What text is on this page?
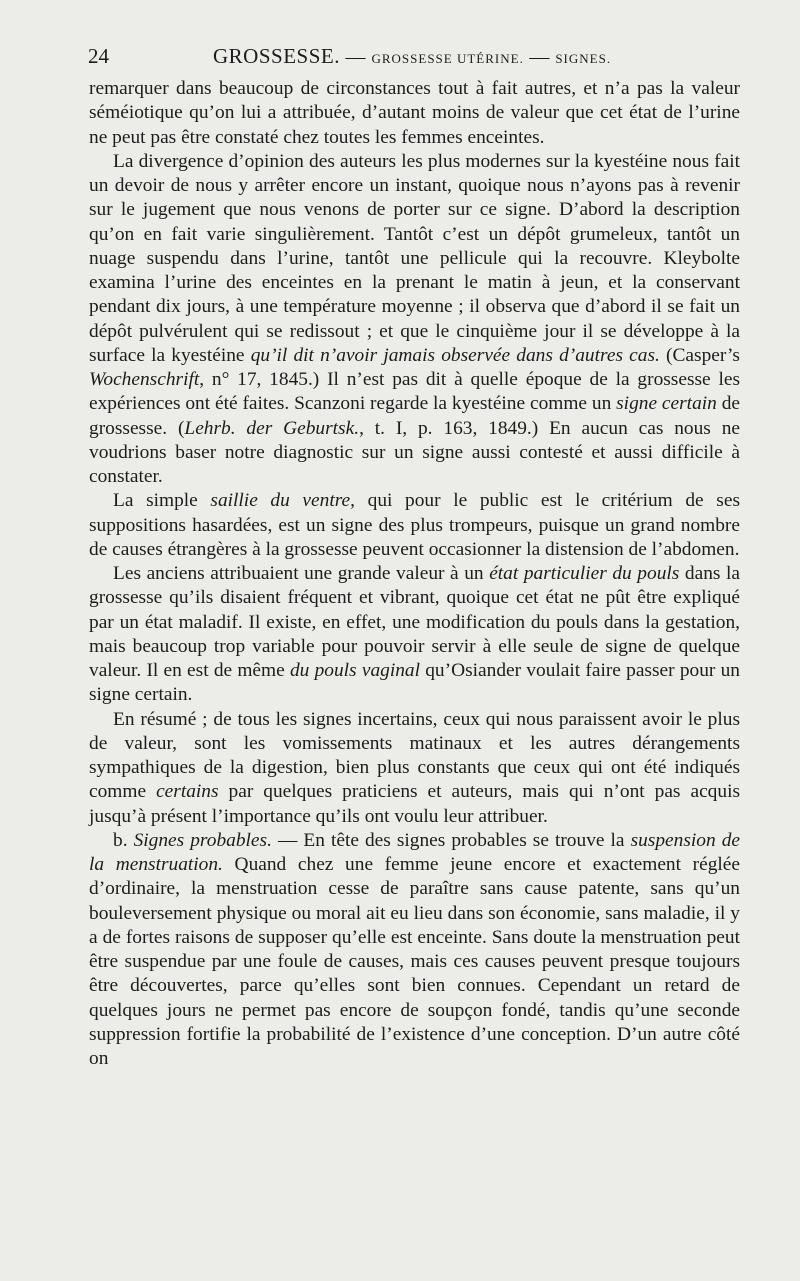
24	GROSSESSE. — GROSSESSE UTÉRINE. — SIGNES.

remarquer dans beaucoup de circonstances tout à fait autres, et n’a pas la valeur séméiotique qu’on lui a attribuée, d’autant moins de valeur que cet état de l’urine ne peut pas être constaté chez toutes les femmes enceintes.

La divergence d’opinion des auteurs les plus modernes sur la kyestéine nous fait un devoir de nous y arrêter encore un instant, quoique nous n’ayons pas à revenir sur le jugement que nous venons de porter sur ce signe. D’abord la description qu’on en fait varie singulièrement. Tantôt c’est un dépôt grumeleux, tantôt un nuage suspendu dans l’urine, tantôt une pellicule qui la recouvre. Kleybolte examina l’urine des enceintes en la prenant le matin à jeun, et la conservant pendant dix jours, à une température moyenne ; il observa que d’abord il se fait un dépôt pulvérulent qui se redissout ; et que le cinquième jour il se développe à la surface la kyestéine qu’il dit n’avoir jamais observée dans d’autres cas. (Casper’s Wochenschrift, n° 17, 1845.) Il n’est pas dit à quelle époque de la grossesse les expériences ont été faites. Scanzoni regarde la kyestéine comme un signe certain de grossesse. (Lehrb. der Geburtsk., t. I, p. 163, 1849.) En aucun cas nous ne voudrions baser notre diagnostic sur un signe aussi contesté et aussi difficile à constater.

La simple saillie du ventre, qui pour le public est le critérium de ses suppositions hasardées, est un signe des plus trompeurs, puisque un grand nombre de causes étrangères à la grossesse peuvent occasionner la distension de l’abdomen.

Les anciens attribuaient une grande valeur à un état particulier du pouls dans la grossesse qu’ils disaient fréquent et vibrant, quoique cet état ne pût être expliqué par un état maladif. Il existe, en effet, une modification du pouls dans la gestation, mais beaucoup trop variable pour pouvoir servir à elle seule de signe de quelque valeur. Il en est de même du pouls vaginal qu’Osiander voulait faire passer pour un signe certain.

En résumé ; de tous les signes incertains, ceux qui nous paraissent avoir le plus de valeur, sont les vomissements matinaux et les autres dérangements sympathiques de la digestion, bien plus constants que ceux qui ont été indiqués comme certains par quelques praticiens et auteurs, mais qui n’ont pas acquis jusqu’à présent l’importance qu’ils ont voulu leur attribuer.

b. Signes probables. — En tête des signes probables se trouve la suspension de la menstruation. Quand chez une femme jeune encore et exactement réglée d’ordinaire, la menstruation cesse de paraître sans cause patente, sans qu’un bouleversement physique ou moral ait eu lieu dans son économie, sans maladie, il y a de fortes raisons de supposer qu’elle est enceinte. Sans doute la menstruation peut être suspendue par une foule de causes, mais ces causes peuvent presque toujours être découvertes, parce qu’elles sont bien connues. Cependant un retard de quelques jours ne permet pas encore de soupçon fondé, tandis qu’une seconde suppression fortifie la probabilité de l’existence d’une conception. D’un autre côté on
